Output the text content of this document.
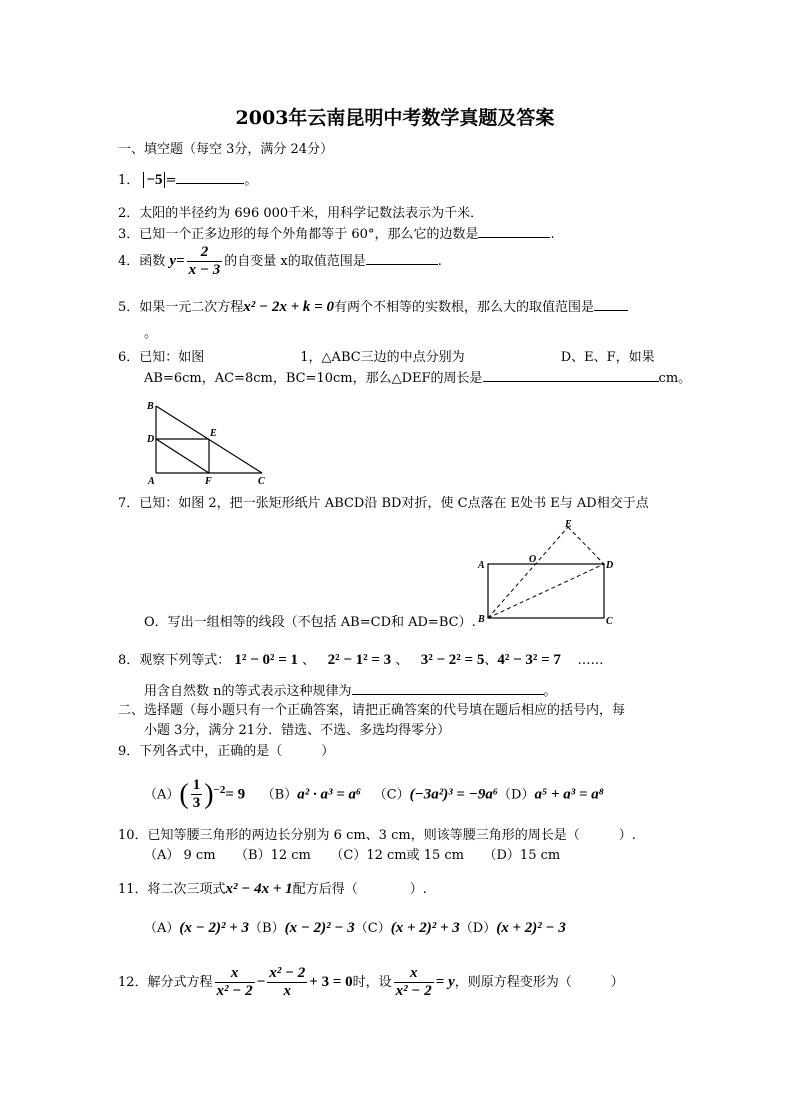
2003年云南昆明中考数学真题及答案
一、填空题（每空 3分，满分 24分）
1． −5 =	。
2．太阳的半径约为 696 000千米，用科学记数法表示为千米．
3．已知一个正多边形的每个外角都等于 60°，那么它的边数是	.
4．函数 $y= \frac{2}{x - 3}$ 的自变量 x的取值范围是	.
5．如果一元二次方程x² − 2x + k = 0有两个不相等的实数根，那么大的取值范围是
。
6．已知：如图	1，△ABC三边的中点分别为	D、E、F，如果
AB=6cm，AC=8cm，BC=10cm，那么△DEF的周长是	cm。
B
D
E
A	F	C
7．已知：如图 2，把一张矩形纸片 ABCD沿 BD对折，使 C点落在 E处书 E与 AD相交于点
E
A
O
D
B	C
O．写出一组相等的线段（不包括 AB=CD和 AD=BC）.
8．观察下列等式： 1² − 0² = 1 、 2² − 1² = 3 、 3² − 2² = 5、4² − 3² = 7 ……
用含自然数 n的等式表示这种规律为	。
二、选择题（每小题只有一个正确答案，请把正确答案的代号填在题后相应的括号内，每
小题 3分，满分 21分．错选、不选、多选均得零分）
9．下列各式中，正确的是（　　　）
$(A)( \frac{1}{3} )^{-2}= 9$ （B）a² · a³ = a⁶ （C）(−3a²)³ = −9a⁶（D）a⁵ + a³ = a⁸
10．已知等腰三角形的两边长分别为 6 cm、3 cm，则该等腰三角形的周长是（　　　）.
（A） 9 cm　　（B）12 cm　　（C）12 cm或 15 cm　　（D）15 cm
11．将二次三项式x² − 4x + 1配方后得（　　　　）.
（A）(x − 2)² + 3（B）(x − 2)² − 3（C）(x + 2)² + 3（D）(x + 2)² − 3
12．解分式方程 $\frac{x}{\text{x² − 2}} - \frac{\text{x² − 2}}{x} + 3 = 0$时，设 $\frac{x}{\text{x² − 2}} = y$，则原方程变形为（　　　）
